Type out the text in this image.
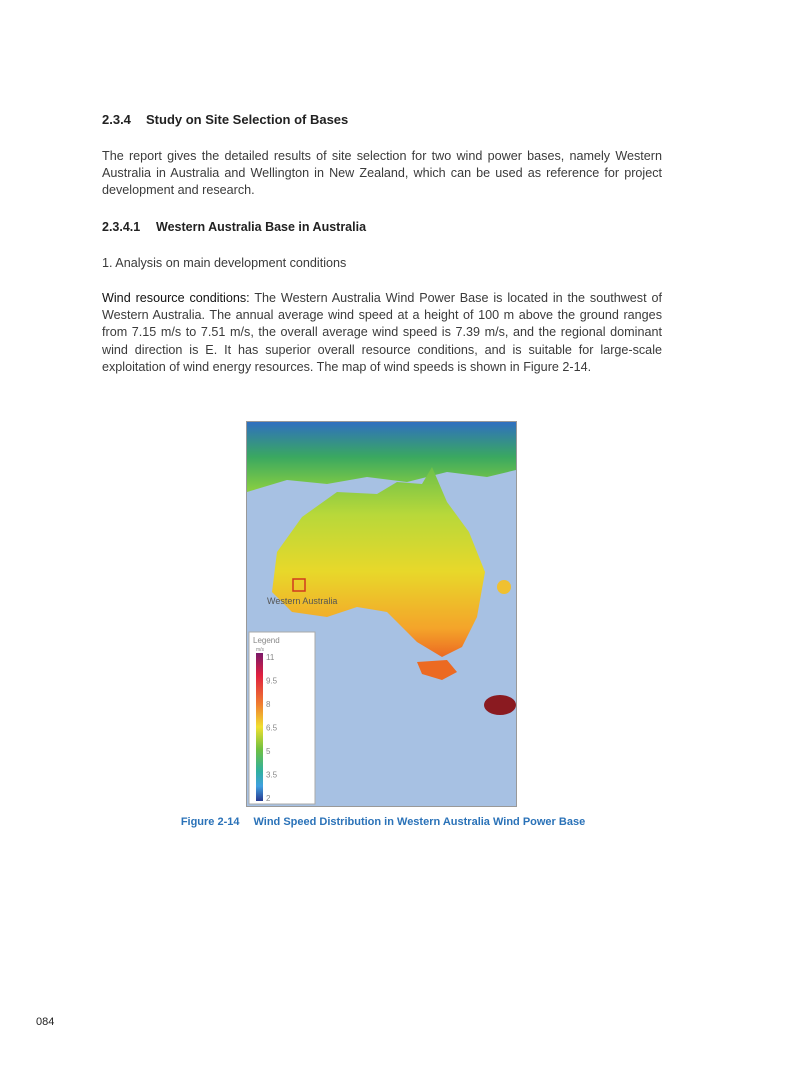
2.3.4 Study on Site Selection of Bases
The report gives the detailed results of site selection for two wind power bases, namely Western Australia in Australia and Wellington in New Zealand, which can be used as reference for project development and research.
2.3.4.1 Western Australia Base in Australia
1. Analysis on main development conditions
Wind resource conditions: The Western Australia Wind Power Base is located in the southwest of Western Australia. The annual average wind speed at a height of 100 m above the ground ranges from 7.15 m/s to 7.51 m/s, the overall average wind speed is 7.39 m/s, and the regional dominant wind direction is E. It has superior overall resource conditions, and is suitable for large-scale exploitation of wind energy resources. The map of wind speeds is shown in Figure 2-14.
Western Australia
Legend
m/s
11
9.5
8
6.5
5
3.5
2
Figure 2-14 Wind Speed Distribution in Western Australia Wind Power Base
084
